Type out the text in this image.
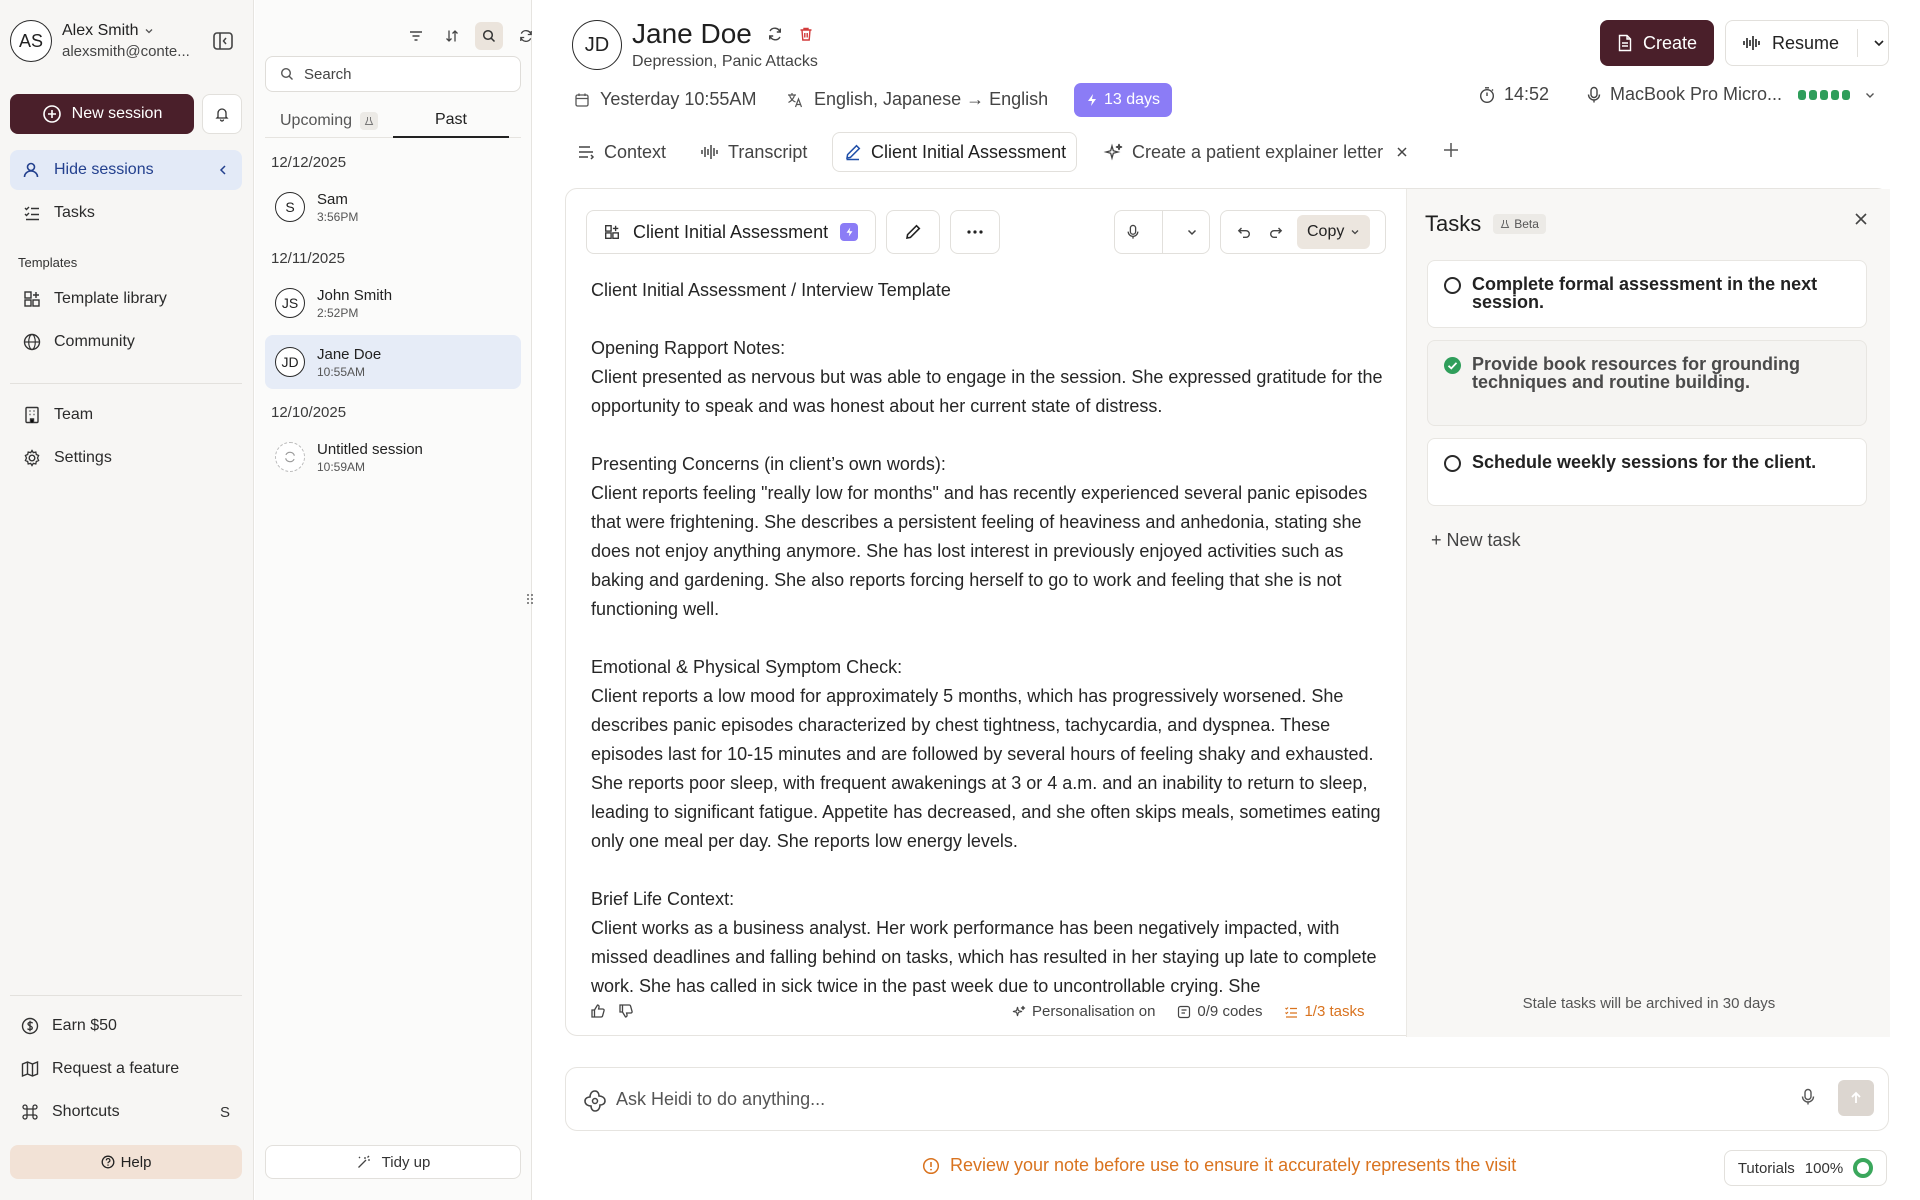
AS	Alex Smith
alexsmith@conte...
New session
Hide sessions
Tasks
Templates
Template library
Community
Team
Settings
Earn $50
Request a feature
Shortcuts	S
Help
Search
Upcoming	Past
12/12/2025
S	Sam
3:56PM
12/11/2025
JS	John Smith
2:52PM
JD	Jane Doe
10:55AM
12/10/2025
Untitled session
10:59AM
Tidy up
JD Jane Doe
Depression, Panic Attacks
Yesterday 10:55AM	English, Japanese → English	13 days	14:52	MacBook Pro Micro...
Create	Resume
Context	Transcript	Client Initial Assessment	Create a patient explainer letter
Client Initial Assessment	Copy

Client Initial Assessment / Interview Template

Opening Rapport Notes:

Client presented as nervous but was able to engage in the session. She expressed gratitude for the opportunity to speak and was honest about her current state of distress.

Presenting Concerns (in client’s own words):

Client reports feeling "really low for months" and has recently experienced several panic episodes that were frightening. She describes a persistent feeling of heaviness and anhedonia, stating she does not enjoy anything anymore. She has lost interest in previously enjoyed activities such as baking and gardening. She also reports forcing herself to go to work and feeling that she is not functioning well.

Emotional & Physical Symptom Check:

Client reports a low mood for approximately 5 months, which has progressively worsened. She describes panic episodes characterized by chest tightness, tachycardia, and dyspnea. These episodes last for 10-15 minutes and are followed by several hours of feeling shaky and exhausted. She reports poor sleep, with frequent awakenings at 3 or 4 a.m. and an inability to return to sleep, leading to significant fatigue. Appetite has decreased, and she often skips meals, sometimes eating only one meal per day. She reports low energy levels.

Brief Life Context:

Client works as a business analyst. Her work performance has been negatively impacted, with missed deadlines and falling behind on tasks, which has resulted in her staying up late to complete work. She has called in sick twice in the past week due to uncontrollable crying. She

Personalisation on	0/9 codes	1/3 tasks
Tasks	Beta
Complete formal assessment in the next session.
Provide book resources for grounding techniques and routine building.
Schedule weekly sessions for the client.
+ New task
Stale tasks will be archived in 30 days
Ask Heidi to do anything...
Review your note before use to ensure it accurately represents the visit	Tutorials 100%
